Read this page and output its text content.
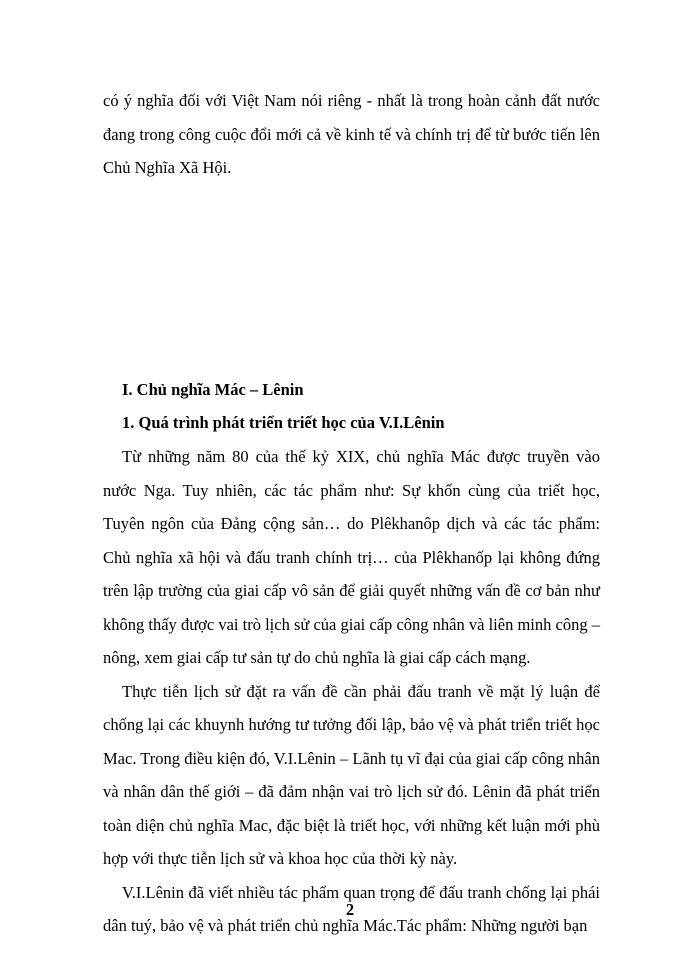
có ý nghĩa đối với Việt Nam nói riêng - nhất là trong hoàn cảnh đất nước đang trong công cuộc đổi mới cả về kinh tế và chính trị để từ bước tiến lên Chủ Nghĩa Xã Hội.
I. Chủ nghĩa Mác – Lênin
1. Quá trình phát triển triết học của V.I.Lênin

Từ những năm 80 của thế kỷ XIX, chủ nghĩa Mác được truyền vào nước Nga. Tuy nhiên, các tác phẩm như: Sự khốn cùng của triết học, Tuyên ngôn của Đảng cộng sản… do Plêkhanôp dịch và các tác phẩm: Chủ nghĩa xã hội và đấu tranh chính trị… của Plêkhanốp lại không đứng trên lập trường của giai cấp vô sản để giải quyết những vấn đề cơ bản như không thấy được vai trò lịch sử của giai cấp công nhân và liên minh công – nông, xem giai cấp tư sản tự do chủ nghĩa là giai cấp cách mạng.

Thực tiễn lịch sử đặt ra vấn đề cần phải đấu tranh về mặt lý luận để chống lại các khuynh hướng tư tưởng đối lập, bảo vệ và phát triển triết học Mac. Trong điều kiện đó, V.I.Lênin – Lãnh tụ vĩ đại của giai cấp công nhân và nhân dân thế giới – đã đảm nhận vai trò lịch sử đó. Lênin đã phát triển toàn diện chủ nghĩa Mac, đặc biệt là triết học, với những kết luận mới phù hợp với thực tiễn lịch sử và khoa học của thời kỳ này.

V.I.Lênin đã viết nhiều tác phẩm quan trọng để đấu tranh chống lại phái dân tuý, bảo vệ và phát triển chủ nghĩa Mác.Tác phẩm: Những người bạn

2
